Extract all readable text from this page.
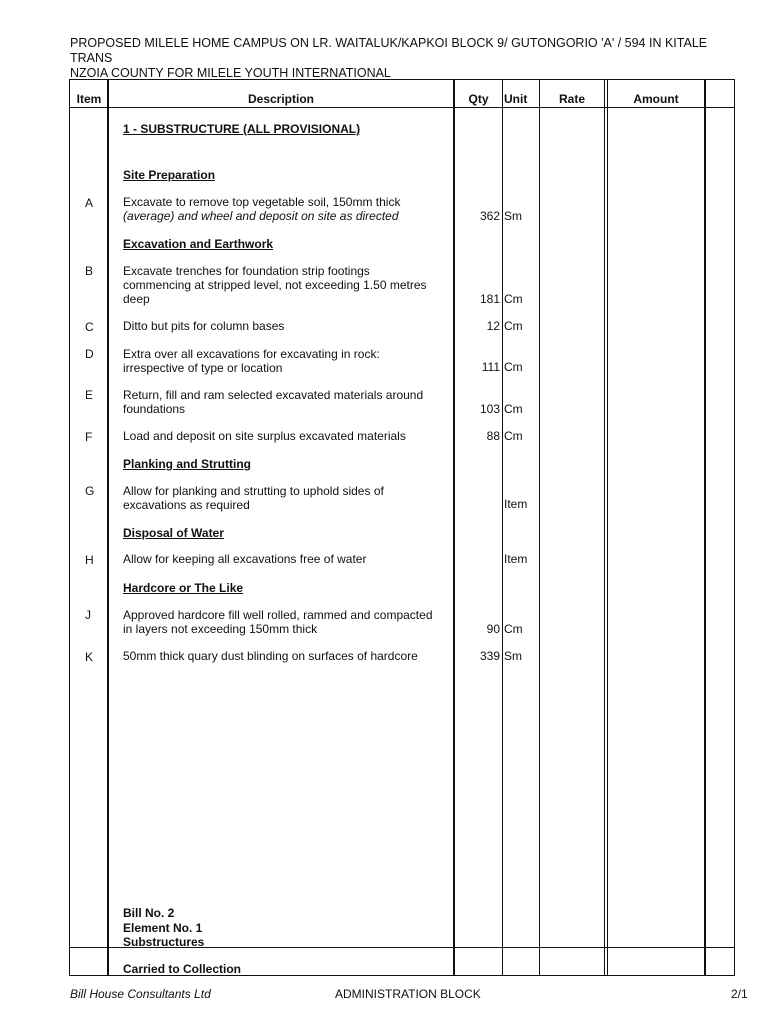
PROPOSED MILELE HOME CAMPUS ON LR. WAITALUK/KAPKOI BLOCK 9/ GUTONGORIO 'A' / 594 IN KITALE TRANS
NZOIA COUNTY FOR MILELE YOUTH INTERNATIONAL
Item	Description	Qty	Unit	Rate	Amount
1 - SUBSTRUCTURE (ALL PROVISIONAL)
Site Preparation
A Excavate to remove top vegetable soil, 150mm thick
(average) and wheel and deposit on site as directed	362 Sm
Excavation and Earthwork
B Excavate trenches for foundation strip footings
commencing at stripped level, not exceeding 1.50 metres
deep	181 Cm
C Ditto but pits for column bases	12 Cm
D Extra over all excavations for excavating in rock:
irrespective of type or location	111 Cm
E Return, fill and ram selected excavated materials around
foundations	103 Cm
F	Load and deposit on site surplus excavated materials	88 Cm
Planking and Strutting
G Allow for planking and strutting to uphold sides of
excavations as required	Item
Disposal of Water
H Allow for keeping all excavations free of water	Item
Hardcore or The Like
J	Approved hardcore fill well rolled, rammed and compacted
in layers not exceeding 150mm thick	90 Cm
K 50mm thick quary dust blinding on surfaces of hardcore	339 Sm
Bill No. 2
Element No. 1
Substructures
Carried to Collection
Bill House Consultants Ltd	ADMINISTRATION BLOCK	2/1
